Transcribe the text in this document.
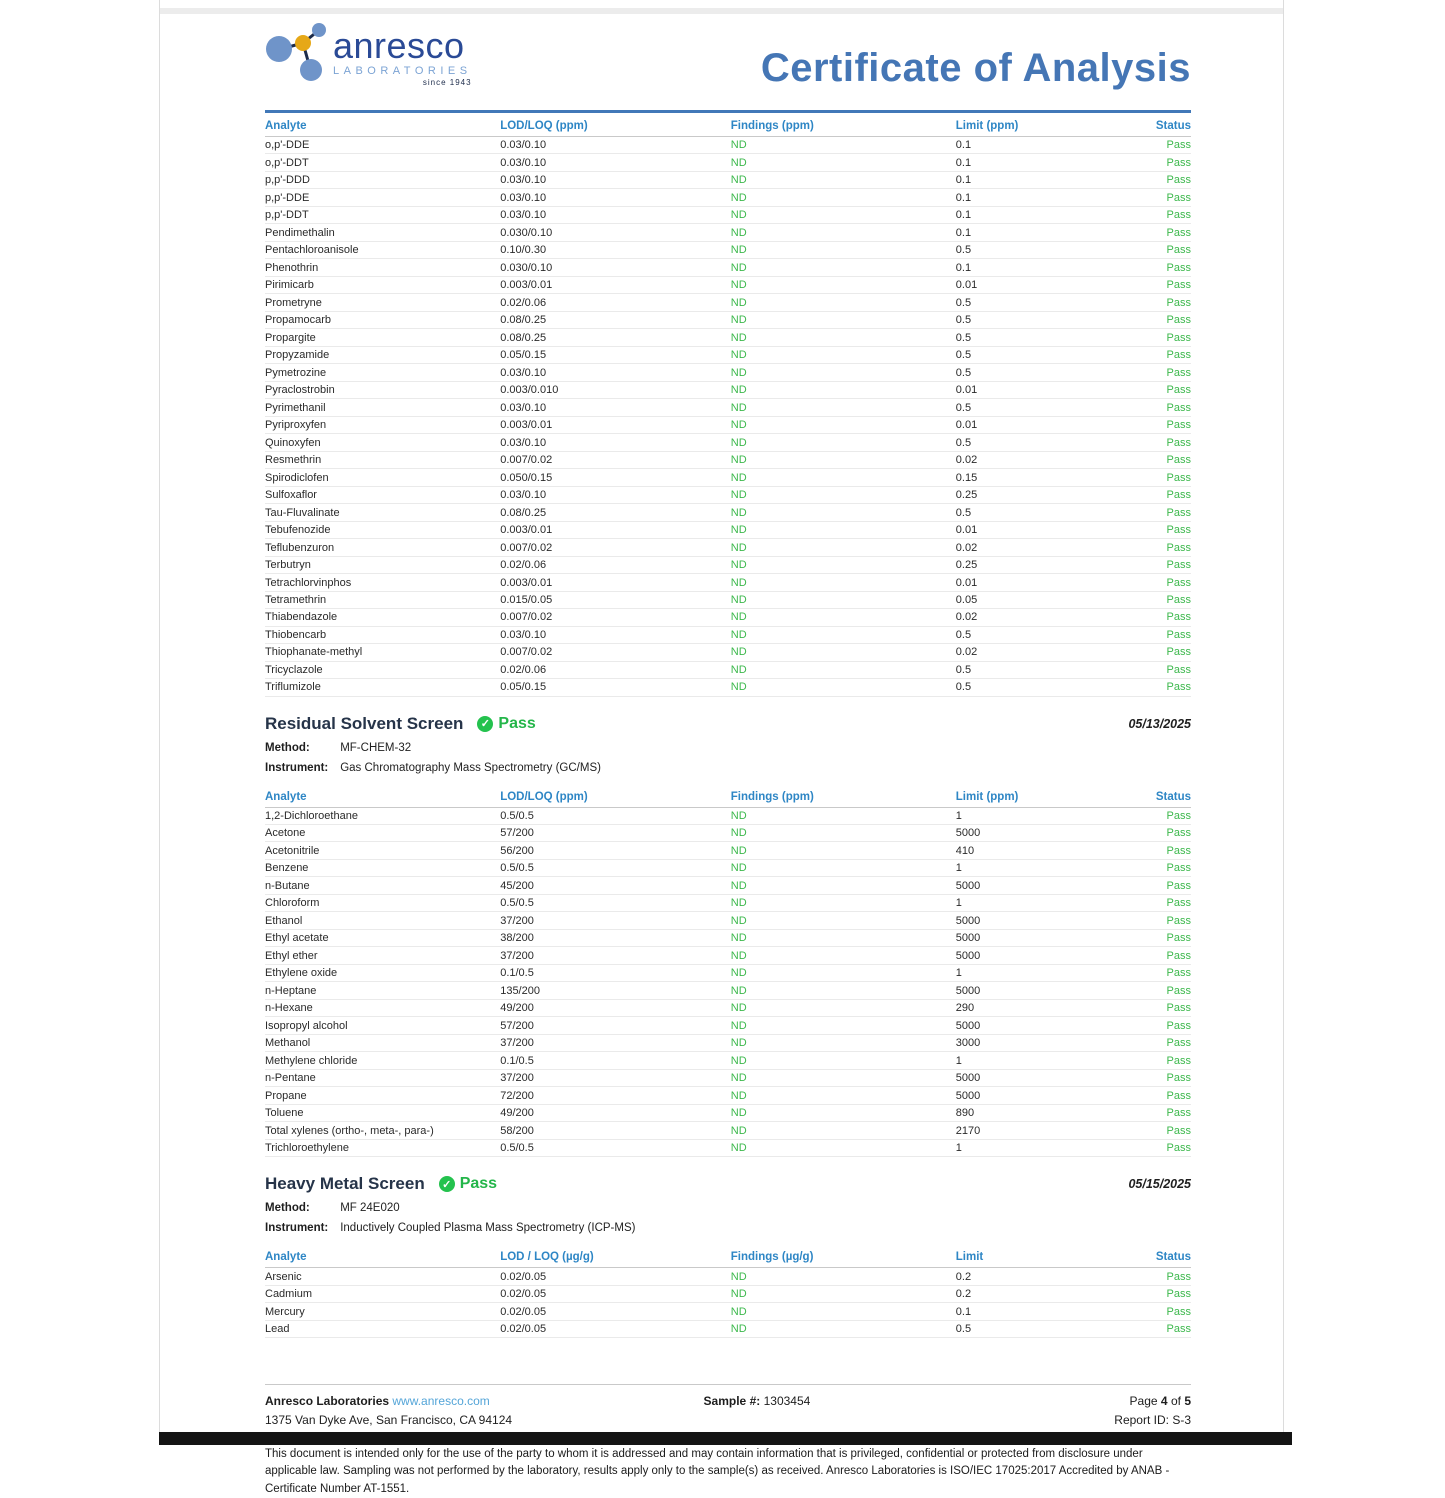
anresco
LABORATORIES
since 1943	Certificate of Analysis
Analyte	LOD/LOQ (ppm)	Findings (ppm)	Limit (ppm)	Status
o,p'-DDE	0.03/0.10	ND	0.1	Pass
o,p'-DDT	0.03/0.10	ND	0.1	Pass
p,p'-DDD	0.03/0.10	ND	0.1	Pass
p,p'-DDE	0.03/0.10	ND	0.1	Pass
p,p'-DDT	0.03/0.10	ND	0.1	Pass
Pendimethalin	0.030/0.10	ND	0.1	Pass
Pentachloroanisole	0.10/0.30	ND	0.5	Pass
Phenothrin	0.030/0.10	ND	0.1	Pass
Pirimicarb	0.003/0.01	ND	0.01	Pass
Prometryne	0.02/0.06	ND	0.5	Pass
Propamocarb	0.08/0.25	ND	0.5	Pass
Propargite	0.08/0.25	ND	0.5	Pass
Propyzamide	0.05/0.15	ND	0.5	Pass
Pymetrozine	0.03/0.10	ND	0.5	Pass
Pyraclostrobin	0.003/0.010	ND	0.01	Pass
Pyrimethanil	0.03/0.10	ND	0.5	Pass
Pyriproxyfen	0.003/0.01	ND	0.01	Pass
Quinoxyfen	0.03/0.10	ND	0.5	Pass
Resmethrin	0.007/0.02	ND	0.02	Pass
Spirodiclofen	0.050/0.15	ND	0.15	Pass
Sulfoxaflor	0.03/0.10	ND	0.25	Pass
Tau-Fluvalinate	0.08/0.25	ND	0.5	Pass
Tebufenozide	0.003/0.01	ND	0.01	Pass
Teflubenzuron	0.007/0.02	ND	0.02	Pass
Terbutryn	0.02/0.06	ND	0.25	Pass
Tetrachlorvinphos	0.003/0.01	ND	0.01	Pass
Tetramethrin	0.015/0.05	ND	0.05	Pass
Thiabendazole	0.007/0.02	ND	0.02	Pass
Thiobencarb	0.03/0.10	ND	0.5	Pass
Thiophanate-methyl	0.007/0.02	ND	0.02	Pass
Tricyclazole	0.02/0.06	ND	0.5	Pass
Triflumizole	0.05/0.15	ND	0.5	Pass
Residual Solvent Screen	✓ Pass	05/13/2025
Method:	MF-CHEM-32
Instrument: Gas Chromatography Mass Spectrometry (GC/MS)
Analyte	LOD/LOQ (ppm)	Findings (ppm)	Limit (ppm)	Status
1,2-Dichloroethane	0.5/0.5	ND	1	Pass
Acetone	57/200	ND	5000	Pass
Acetonitrile	56/200	ND	410	Pass
Benzene	0.5/0.5	ND	1	Pass
n-Butane	45/200	ND	5000	Pass
Chloroform	0.5/0.5	ND	1	Pass
Ethanol	37/200	ND	5000	Pass
Ethyl acetate	38/200	ND	5000	Pass
Ethyl ether	37/200	ND	5000	Pass
Ethylene oxide	0.1/0.5	ND	1	Pass
n-Heptane	135/200	ND	5000	Pass
n-Hexane	49/200	ND	290	Pass
Isopropyl alcohol	57/200	ND	5000	Pass
Methanol	37/200	ND	3000	Pass
Methylene chloride	0.1/0.5	ND	1	Pass
n-Pentane	37/200	ND	5000	Pass
Propane	72/200	ND	5000	Pass
Toluene	49/200	ND	890	Pass
Total xylenes (ortho-, meta-, para-)	58/200	ND	2170	Pass
Trichloroethylene	0.5/0.5	ND	1	Pass
Heavy Metal Screen	✓ Pass	05/15/2025
Method:	MF 24E020
Instrument: Inductively Coupled Plasma Mass Spectrometry (ICP-MS)
Analyte	LOD / LOQ (µg/g)	Findings (µg/g)	Limit	Status
Arsenic	0.02/0.05	ND	0.2	Pass
Cadmium	0.02/0.05	ND	0.2	Pass
Mercury	0.02/0.05	ND	0.1	Pass
Lead	0.02/0.05	ND	0.5	Pass
Anresco Laboratories www.anresco.com
1375 Van Dyke Ave, San Francisco, CA 94124
Sample #: 1303454	Page 4 of 5
Report ID: S-3
This document is intended only for the use of the party to whom it is addressed and may contain information that is privileged, confidential or protected from disclosure under applicable law. Sampling was not performed by the laboratory, results apply only to the sample(s) as received. Anresco Laboratories is ISO/IEC 17025:2017 Accredited by ANAB - Certificate Number AT-1551.
